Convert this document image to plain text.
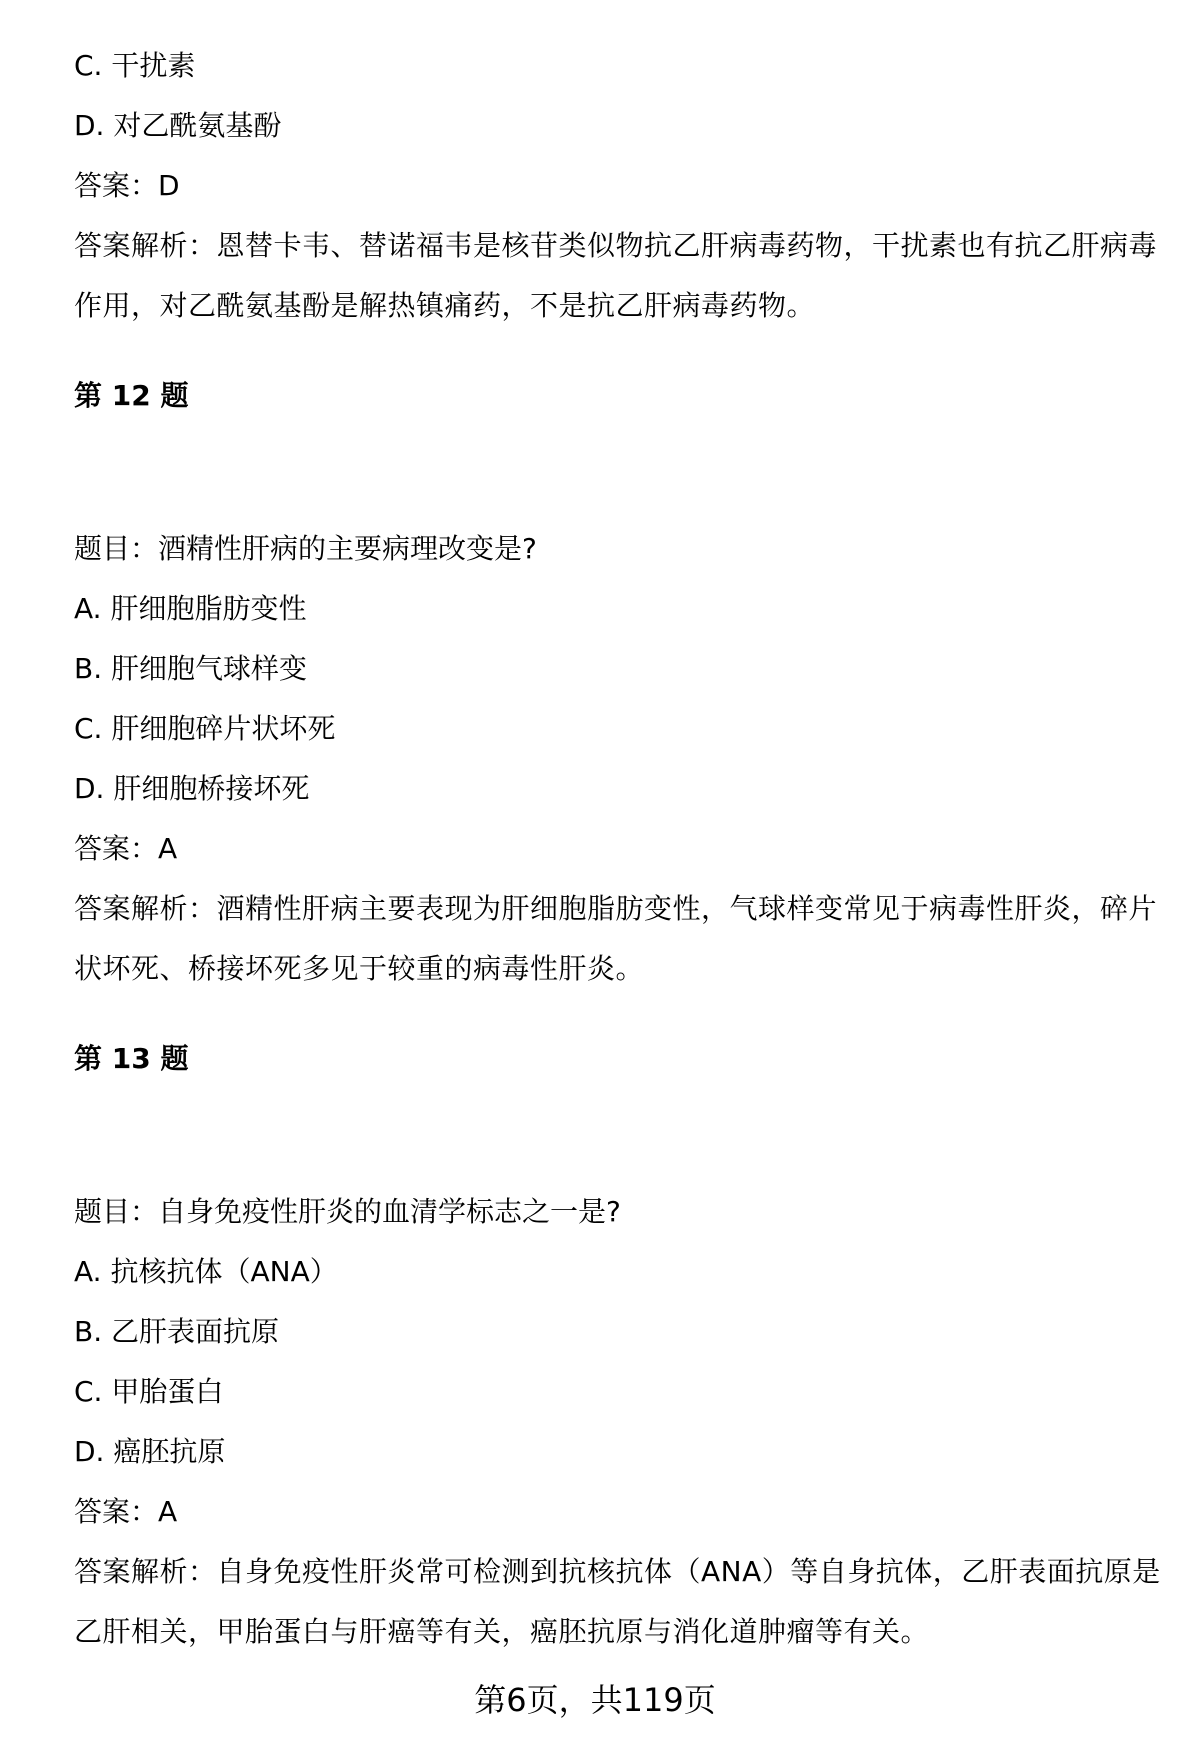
C. 干扰素
D. 对乙酰氨基酚
答案：D
答案解析：恩替卡韦、替诺福韦是核苷类似物抗乙肝病毒药物，干扰素也有抗乙肝病毒作用，对乙酰氨基酚是解热镇痛药，不是抗乙肝病毒药物。
第 12 题
题目：酒精性肝病的主要病理改变是?
A. 肝细胞脂肪变性
B. 肝细胞气球样变
C. 肝细胞碎片状坏死
D. 肝细胞桥接坏死
答案：A
答案解析：酒精性肝病主要表现为肝细胞脂肪变性，气球样变常见于病毒性肝炎，碎片状坏死、桥接坏死多见于较重的病毒性肝炎。
第 13 题
题目：自身免疫性肝炎的血清学标志之一是?
A. 抗核抗体（ANA）
B. 乙肝表面抗原
C. 甲胎蛋白
D. 癌胚抗原
答案：A
答案解析：自身免疫性肝炎常可检测到抗核抗体（ANA）等自身抗体，乙肝表面抗原是乙肝相关，甲胎蛋白与肝癌等有关，癌胚抗原与消化道肿瘤等有关。
第6页，共119页
